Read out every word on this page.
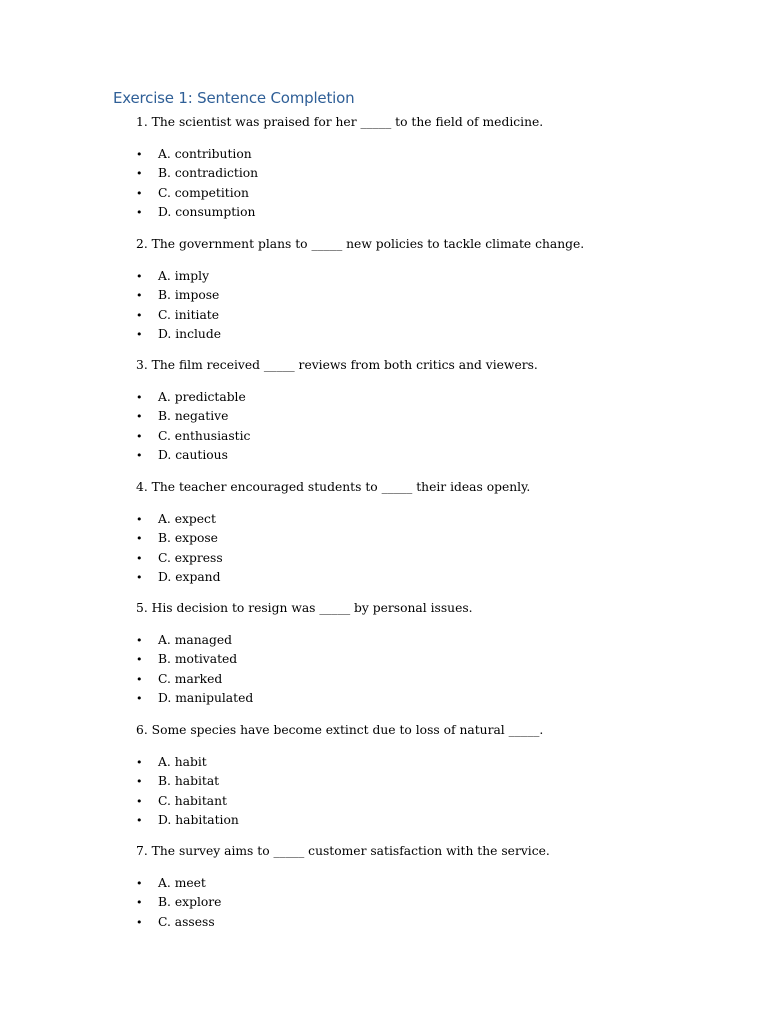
Exercise 1: Sentence Completion

1. The scientist was praised for her _____ to the field of medicine.

• A. contribution
• B. contradiction
• C. competition
• D. consumption

2. The government plans to _____ new policies to tackle climate change.

• A. imply
• B. impose
• C. initiate
• D. include

3. The film received _____ reviews from both critics and viewers.

• A. predictable
• B. negative
• C. enthusiastic
• D. cautious

4. The teacher encouraged students to _____ their ideas openly.

• A. expect
• B. expose
• C. express
• D. expand

5. His decision to resign was _____ by personal issues.

• A. managed
• B. motivated
• C. marked
• D. manipulated

6. Some species have become extinct due to loss of natural _____.

• A. habit
• B. habitat
• C. habitant
• D. habitation

7. The survey aims to _____ customer satisfaction with the service.

• A. meet
• B. explore
• C. assess
